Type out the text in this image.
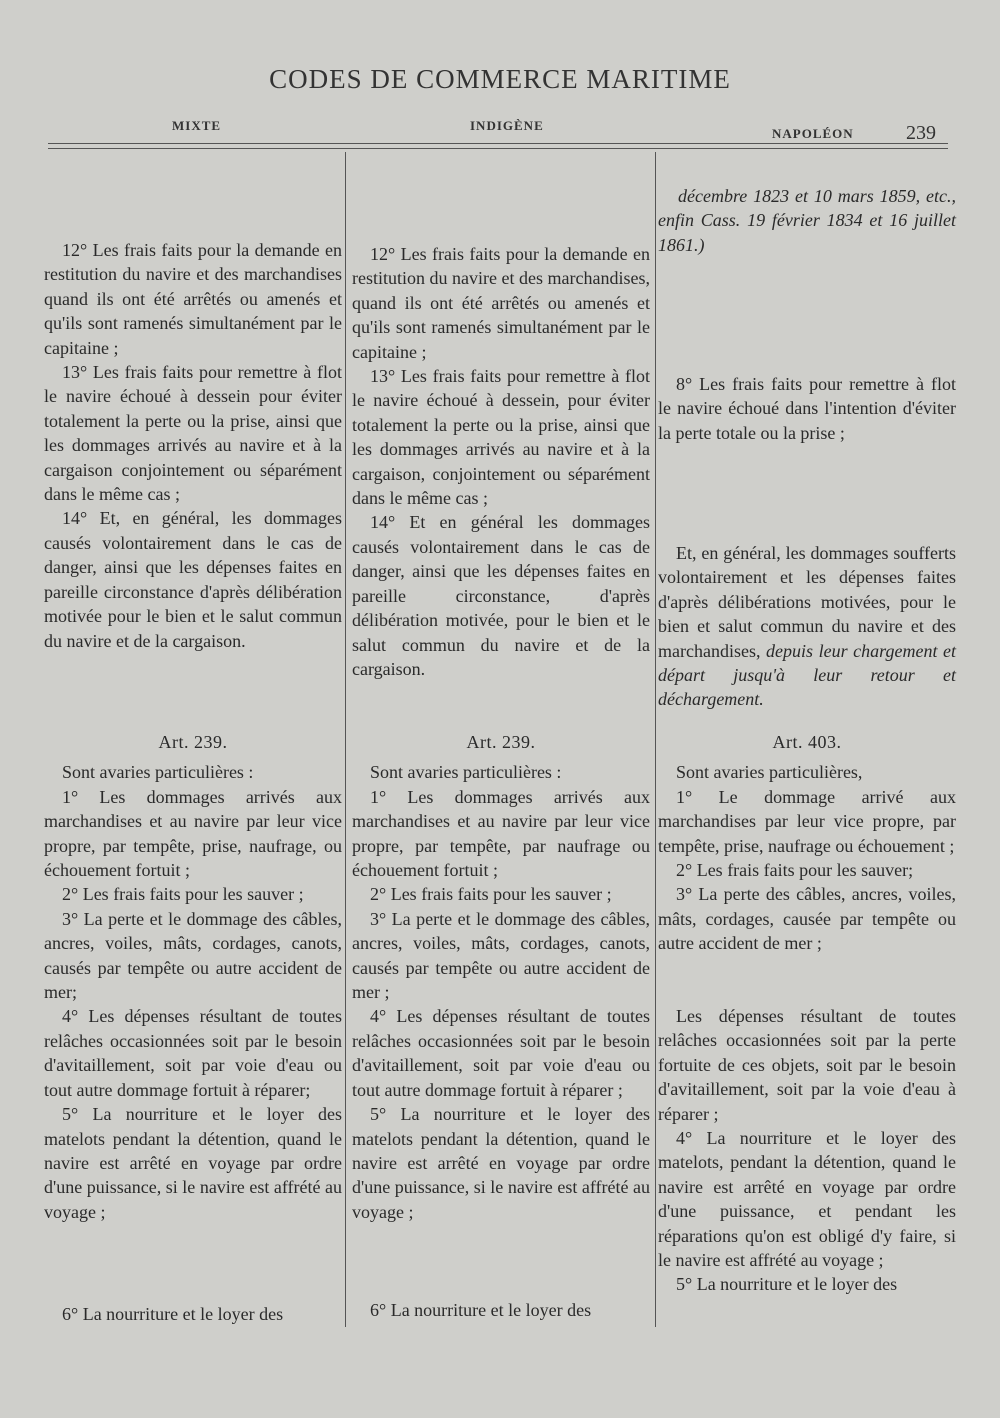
CODES DE COMMERCE MARITIME
MIXTE	INDIGÈNE
NAPOLÉON	239

12° Les frais faits pour la demande en restitution du navire et des marchandises quand ils ont été arrêtés ou amenés et qu'ils sont ramenés simultanément par le capitaine ;

13° Les frais faits pour remettre à flot le navire échoué à dessein pour éviter totalement la perte ou la prise, ainsi que les dommages arrivés au navire et à la cargaison conjointement ou séparément dans le même cas ;

14° Et, en général, les dommages causés volontairement dans le cas de danger, ainsi que les dépenses faites en pareille circonstance d'après délibération motivée pour le bien et le salut commun du navire et de la cargaison.

Art. 239.

Sont avaries particulières :

1° Les dommages arrivés aux marchandises et au navire par leur vice propre, par tempête, prise, naufrage, ou échouement fortuit ;

2° Les frais faits pour les sauver ;

3° La perte et le dommage des câbles, ancres, voiles, mâts, cordages, canots, causés par tempête ou autre accident de mer;

4° Les dépenses résultant de toutes relâches occasionnées soit par le besoin d'avitaillement, soit par voie d'eau ou tout autre dommage fortuit à réparer;

5° La nourriture et le loyer des matelots pendant la détention, quand le navire est arrêté en voyage par ordre d'une puissance, si le navire est affrété au voyage ;

6° La nourriture et le loyer des

12° Les frais faits pour la demande en restitution du navire et des marchandises, quand ils ont été arrêtés ou amenés et qu'ils sont ramenés simultanément par le capitaine ;

13° Les frais faits pour remettre à flot le navire échoué à dessein, pour éviter totalement la perte ou la prise, ainsi que les dommages arrivés au navire et à la cargaison, conjointement ou séparément dans le même cas ;

14° Et en général les dommages causés volontairement dans le cas de danger, ainsi que les dépenses faites en pareille circonstance, d'après délibération motivée, pour le bien et le salut commun du navire et de la cargaison.

Art. 239.

Sont avaries particulières :

1° Les dommages arrivés aux marchandises et au navire par leur vice propre, par tempête, par naufrage ou échouement fortuit ;

2° Les frais faits pour les sauver ;

3° La perte et le dommage des câbles, ancres, voiles, mâts, cordages, canots, causés par tempête ou autre accident de mer ;

4° Les dépenses résultant de toutes relâches occasionnées soit par le besoin d'avitaillement, soit par voie d'eau ou tout autre dommage fortuit à réparer ;

5° La nourriture et le loyer des matelots pendant la détention, quand le navire est arrêté en voyage par ordre d'une puissance, si le navire est affrété au voyage ;

6° La nourriture et le loyer des

décembre 1823 et 10 mars 1859, etc., enfin Cass. 19 février 1834 et 16 juillet 1861.)

8° Les frais faits pour remettre à flot le navire échoué dans l'intention d'éviter la perte totale ou la prise ;

Et, en général, les dommages soufferts volontairement et les dépenses faites d'après délibérations motivées, pour le bien et salut commun du navire et des marchandises, depuis leur chargement et départ jusqu'à leur retour et déchargement.

Art. 403.

Sont avaries particulières,

1° Le dommage arrivé aux marchandises par leur vice propre, par tempête, prise, naufrage ou échouement ;

2° Les frais faits pour les sauver;

3° La perte des câbles, ancres, voiles, mâts, cordages, causée par tempête ou autre accident de mer ;

Les dépenses résultant de toutes relâches occasionnées soit par la perte fortuite de ces objets, soit par le besoin d'avitaillement, soit par la voie d'eau à réparer ;

4° La nourriture et le loyer des matelots, pendant la détention, quand le navire est arrêté en voyage par ordre d'une puissance, et pendant les réparations qu'on est obligé d'y faire, si le navire est affrété au voyage ;

5° La nourriture et le loyer des
